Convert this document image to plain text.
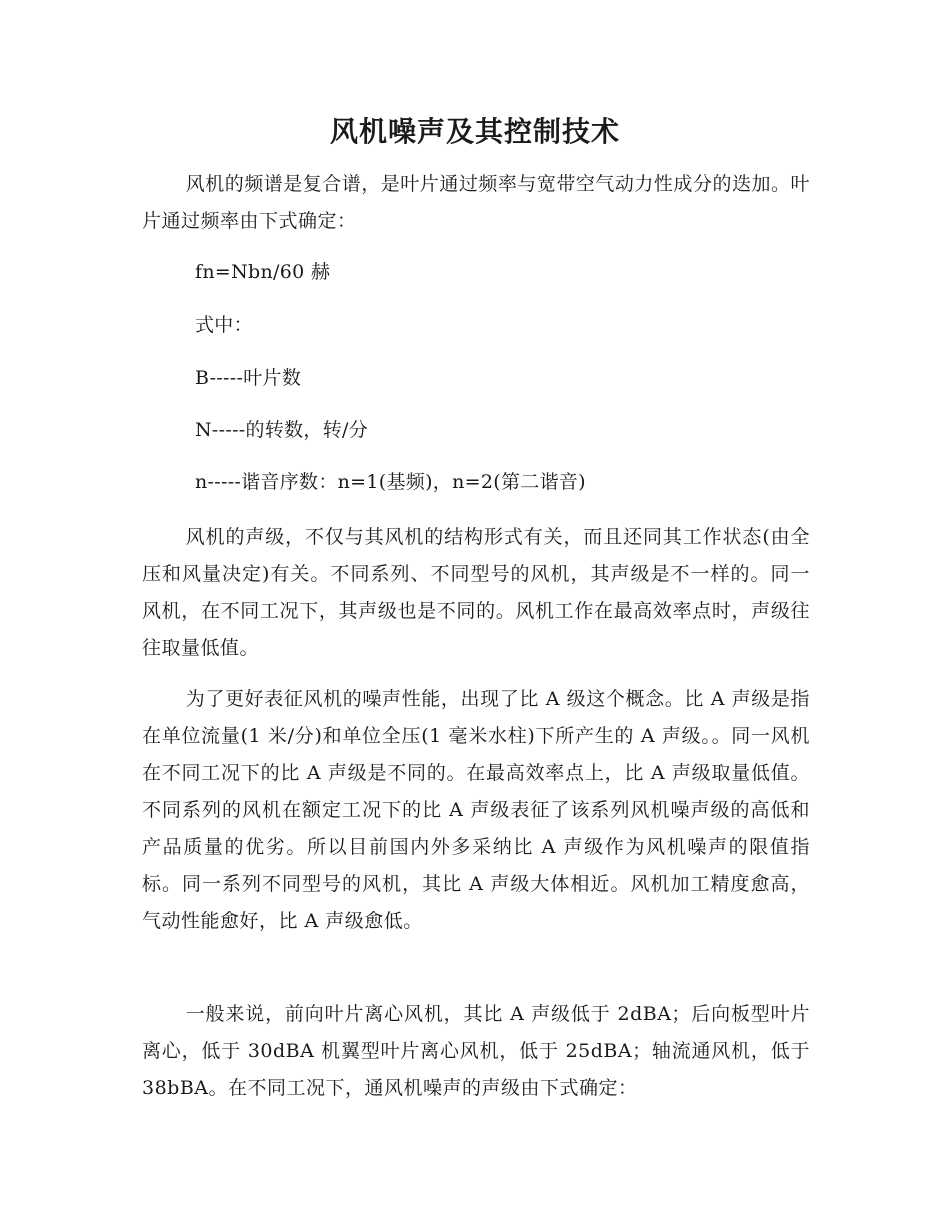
风机噪声及其控制技术
风机的频谱是复合谱，是叶片通过频率与宽带空气动力性成分的迭加。叶片通过频率由下式确定：
fn=Nbn/60 赫
式中：
B-----叶片数
N-----的转数，转/分
n-----谐音序数：n=1(基频)，n=2(第二谐音)
风机的声级，不仅与其风机的结构形式有关，而且还同其工作状态(由全压和风量决定)有关。不同系列、不同型号的风机，其声级是不一样的。同一风机，在不同工况下，其声级也是不同的。风机工作在最高效率点时，声级往往取量低值。
为了更好表征风机的噪声性能，出现了比 A 级这个概念。比 A 声级是指在单位流量(1 米/分)和单位全压(1 毫米水柱)下所产生的 A 声级。。同一风机在不同工况下的比 A 声级是不同的。在最高效率点上，比 A 声级取量低值。不同系列的风机在额定工况下的比 A 声级表征了该系列风机噪声级的高低和产品质量的优劣。所以目前国内外多采纳比 A 声级作为风机噪声的限值指标。同一系列不同型号的风机，其比 A 声级大体相近。风机加工精度愈高，气动性能愈好，比 A 声级愈低。
一般来说，前向叶片离心风机，其比 A 声级低于 2dBA；后向板型叶片离心，低于 30dBA 机翼型叶片离心风机，低于 25dBA；轴流通风机，低于 38bBA。在不同工况下，通风机噪声的声级由下式确定：
